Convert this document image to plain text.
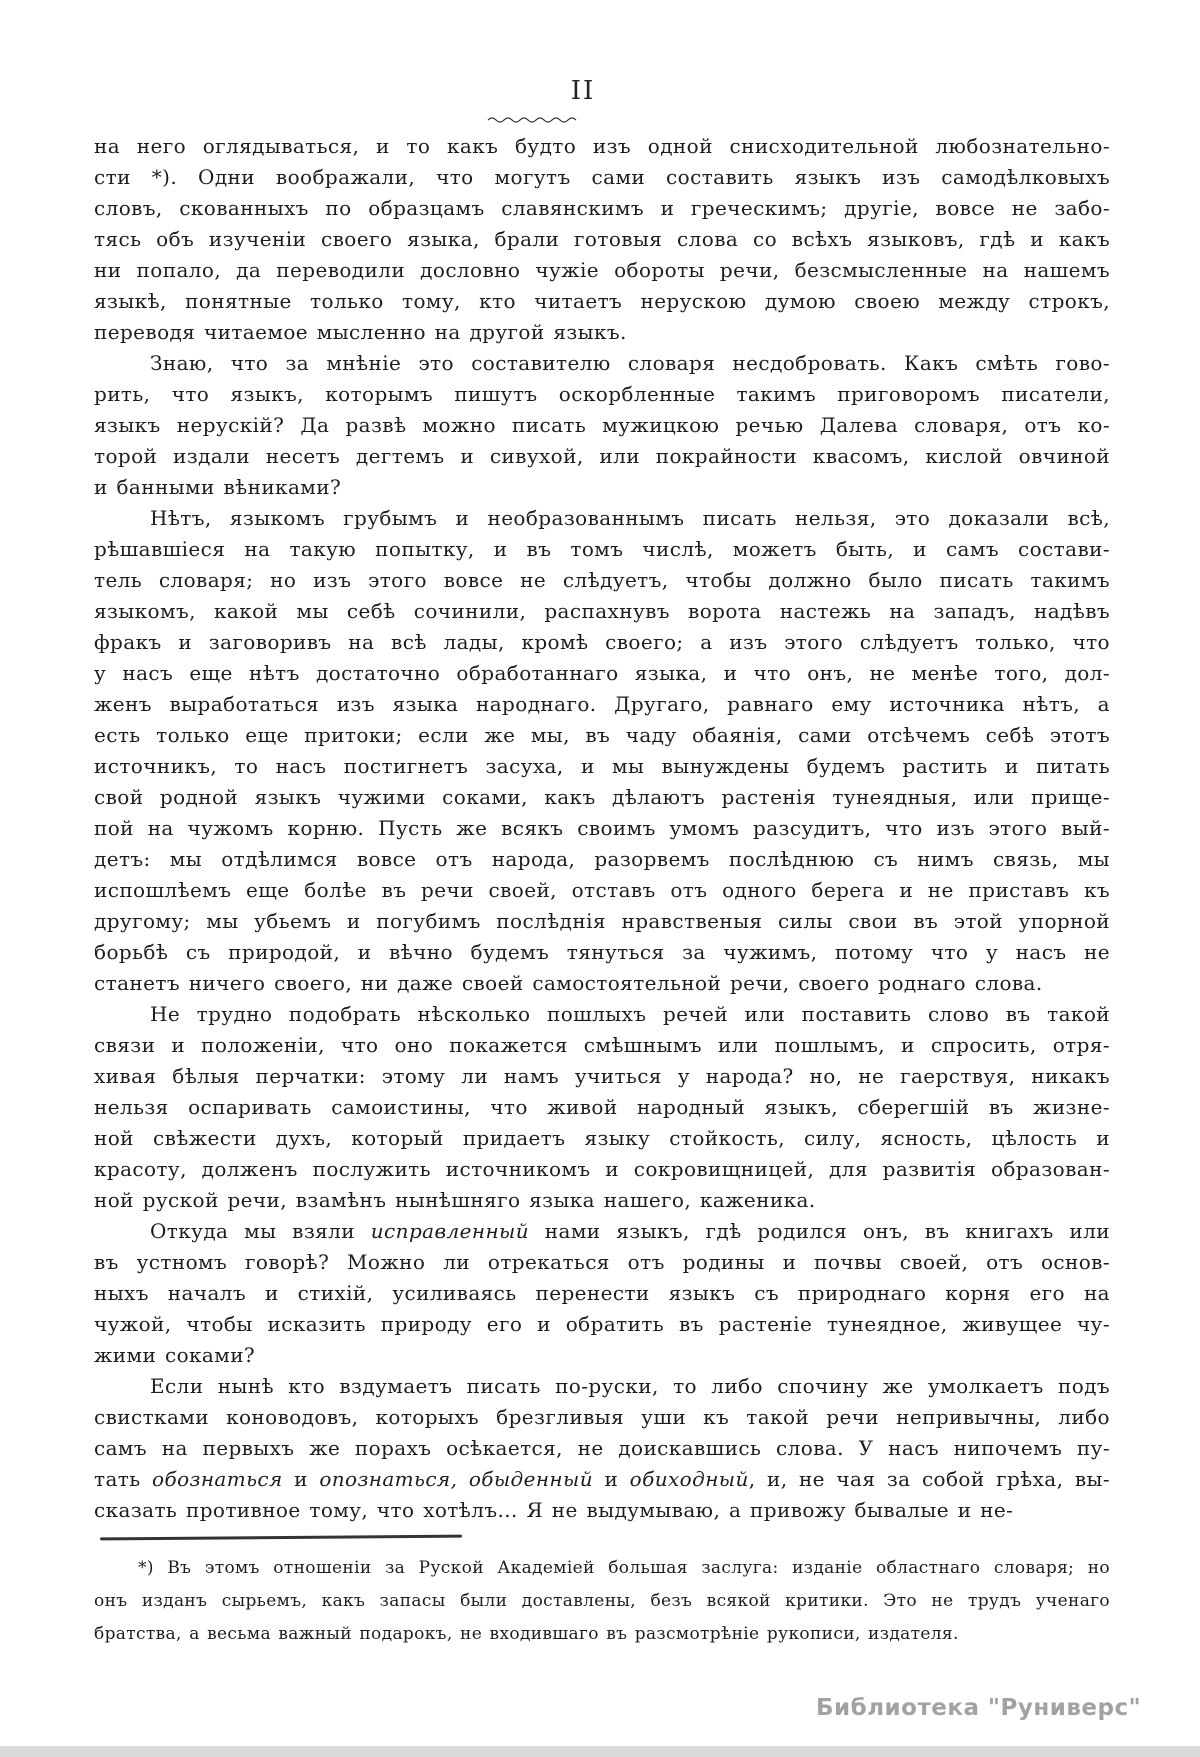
II
на него оглядываться, и то какъ будто изъ одной снисходительной любознательно-
сти *). Одни воображали, что могутъ сами составить языкъ изъ самодѣлковыхъ
словъ, скованныхъ по образцамъ славянскимъ и греческимъ; другіе, вовсе не забо-
тясь объ изученіи своего языка, брали готовыя слова со всѣхъ языковъ, гдѣ и какъ
ни попало, да переводили дословно чужіе обороты речи, безсмысленные на нашемъ
языкѣ, понятные только тому, кто читаетъ нерускою думою своею между строкъ,
переводя читаемое мысленно на другой языкъ.
Знаю, что за мнѣніе это составителю словаря несдобровать. Какъ смѣть гово-
рить, что языкъ, которымъ пишутъ оскорбленные такимъ приговоромъ писатели,
языкъ нерускій? Да развѣ можно писать мужицкою речью Далева словаря, отъ ко-
торой издали несетъ дегтемъ и сивухой, или покрайности квасомъ, кислой овчиной
и банными вѣниками?
Нѣтъ, языкомъ грубымъ и необразованнымъ писать нельзя, это доказали всѣ,
рѣшавшіеся на такую попытку, и въ томъ числѣ, можетъ быть, и самъ состави-
тель словаря; но изъ этого вовсе не слѣдуетъ, чтобы должно было писать такимъ
языкомъ, какой мы себѣ сочинили, распахнувъ ворота настежь на западъ, надѣвъ
фракъ и заговоривъ на всѣ лады, кромѣ своего; а изъ этого слѣдуетъ только, что
у насъ еще нѣтъ достаточно обработаннаго языка, и что онъ, не менѣе того, дол-
женъ выработаться изъ языка народнаго. Другаго, равнаго ему источника нѣтъ, а
есть только еще притоки; если же мы, въ чаду обаянія, сами отсѣчемъ себѣ этотъ
источникъ, то насъ постигнетъ засуха, и мы вынуждены будемъ растить и питать
свой родной языкъ чужими соками, какъ дѣлаютъ растенія тунеядныя, или прище-
пой на чужомъ корню. Пусть же всякъ своимъ умомъ разсудитъ, что изъ этого вый-
детъ: мы отдѣлимся вовсе отъ народа, разорвемъ послѣднюю съ нимъ связь, мы
испошлѣемъ еще болѣе въ речи своей, отставъ отъ одного берега и не приставъ къ
другому; мы убьемъ и погубимъ послѣднія нравственыя силы свои въ этой упорной
борьбѣ съ природой, и вѣчно будемъ тянуться за чужимъ, потому что у насъ не
станетъ ничего своего, ни даже своей самостоятельной речи, своего роднаго слова.
Не трудно подобрать нѣсколько пошлыхъ речей или поставить слово въ такой
связи и положеніи, что оно покажется смѣшнымъ или пошлымъ, и спросить, отря-
хивая бѣлыя перчатки: этому ли намъ учиться у народа? но, не гаерствуя, никакъ
нельзя оспаривать самоистины, что живой народный языкъ, сберегшій въ жизне-
ной свѣжести духъ, который придаетъ языку стойкость, силу, ясность, цѣлость и
красоту, долженъ послужить источникомъ и сокровищницей, для развитія образован-
ной руской речи, взамѣнъ нынѣшняго языка нашего, каженика.
Откуда мы взяли исправленный нами языкъ, гдѣ родился онъ, въ книгахъ или
въ устномъ говорѣ? Можно ли отрекаться отъ родины и почвы своей, отъ основ-
ныхъ началъ и стихій, усиливаясь перенести языкъ съ природнаго корня его на
чужой, чтобы исказить природу его и обратить въ растеніе тунеядное, живущее чу-
жими соками?
Если нынѣ кто вздумаетъ писать по-руски, то либо спочину же умолкаетъ подъ
свистками коноводовъ, которыхъ брезгливыя уши къ такой речи непривычны, либо
самъ на первыхъ же порахъ осѣкается, не доискавшись слова. У насъ нипочемъ пу-
тать обознаться и опознаться, обыденный и обиходный, и, не чая за собой грѣха, вы-
сказать противное тому, что хотѣлъ... Я не выдумываю, а привожу бывалые и не-
*) Въ этомъ отношеніи за Руской Академіей большая заслуга: изданіе областнаго словаря; но
онъ изданъ сырьемъ, какъ запасы были доставлены, безъ всякой критики. Это не трудъ ученаго
братства, а весьма важный подарокъ, не входившаго въ разсмотрѣніе рукописи, издателя.
Библиотека "Руниверс"
